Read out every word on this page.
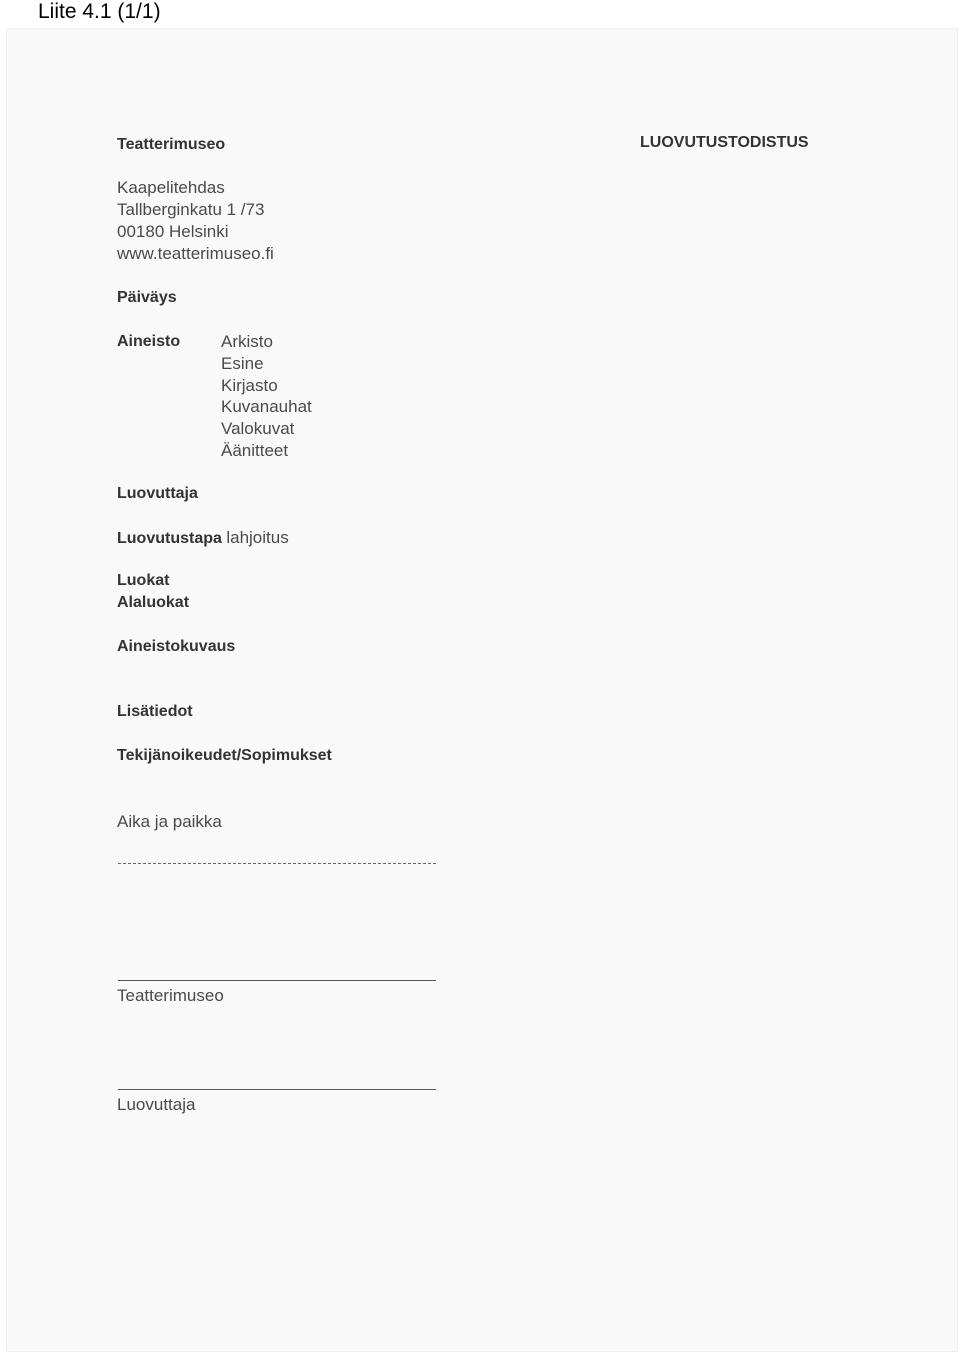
Liite 4.1 (1/1)
Teatterimuseo	LUOVUTUSTODISTUS
Kaapelitehdas
Tallberginkatu 1 /73
00180 Helsinki
www.teatterimuseo.fi
Päiväys
Aineisto Arkisto
Esine
Kirjasto
Kuvanauhat
Valokuvat
Äänitteet
Luovuttaja
Luovutustapa lahjoitus
Luokat
Alaluokat
Aineistokuvaus
Lisätiedot
Tekijänoikeudet/Sopimukset
Aika ja paikka
Teatterimuseo
Luovuttaja
